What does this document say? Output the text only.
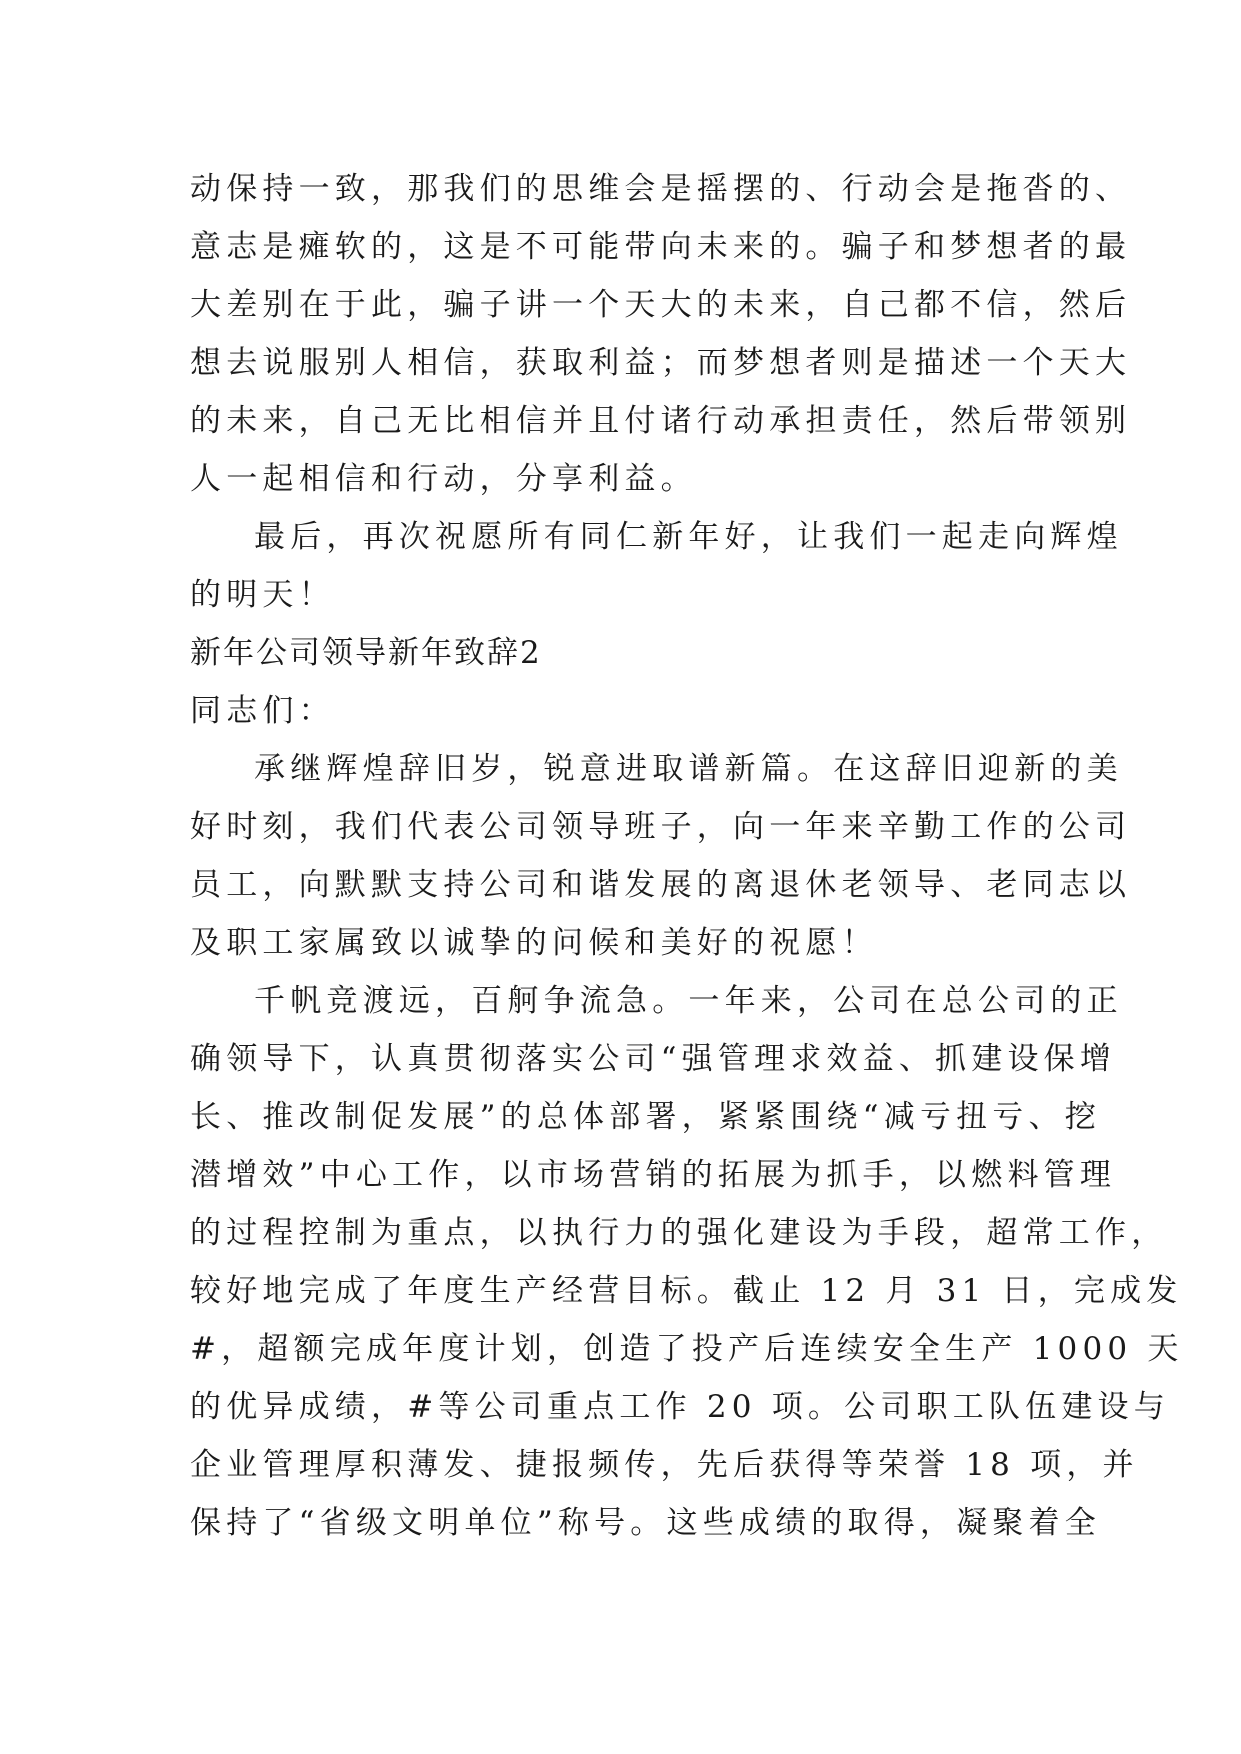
动保持一致，那我们的思维会是摇摆的、行动会是拖沓的、
意志是瘫软的，这是不可能带向未来的。骗子和梦想者的最
大差别在于此，骗子讲一个天大的未来，自己都不信，然后
想去说服别人相信，获取利益；而梦想者则是描述一个天大
的未来，自己无比相信并且付诸行动承担责任，然后带领别
人一起相信和行动，分享利益。
最后，再次祝愿所有同仁新年好，让我们一起走向辉煌
的明天！
新年公司领导新年致辞2
同志们：
承继辉煌辞旧岁，锐意进取谱新篇。在这辞旧迎新的美
好时刻，我们代表公司领导班子，向一年来辛勤工作的公司
员工，向默默支持公司和谐发展的离退休老领导、老同志以
及职工家属致以诚挚的问候和美好的祝愿！
千帆竞渡远，百舸争流急。一年来，公司在总公司的正
确领导下，认真贯彻落实公司“强管理求效益、抓建设保增
长、推改制促发展”的总体部署，紧紧围绕“减亏扭亏、挖
潜增效”中心工作，以市场营销的拓展为抓手，以燃料管理
的过程控制为重点，以执行力的强化建设为手段，超常工作，
较好地完成了年度生产经营目标。截止 12 月 31 日，完成发
#，超额完成年度计划，创造了投产后连续安全生产 1000 天
的优异成绩，#等公司重点工作 20 项。公司职工队伍建设与
企业管理厚积薄发、捷报频传，先后获得等荣誉 18 项，并
保持了“省级文明单位”称号。这些成绩的取得，凝聚着全
